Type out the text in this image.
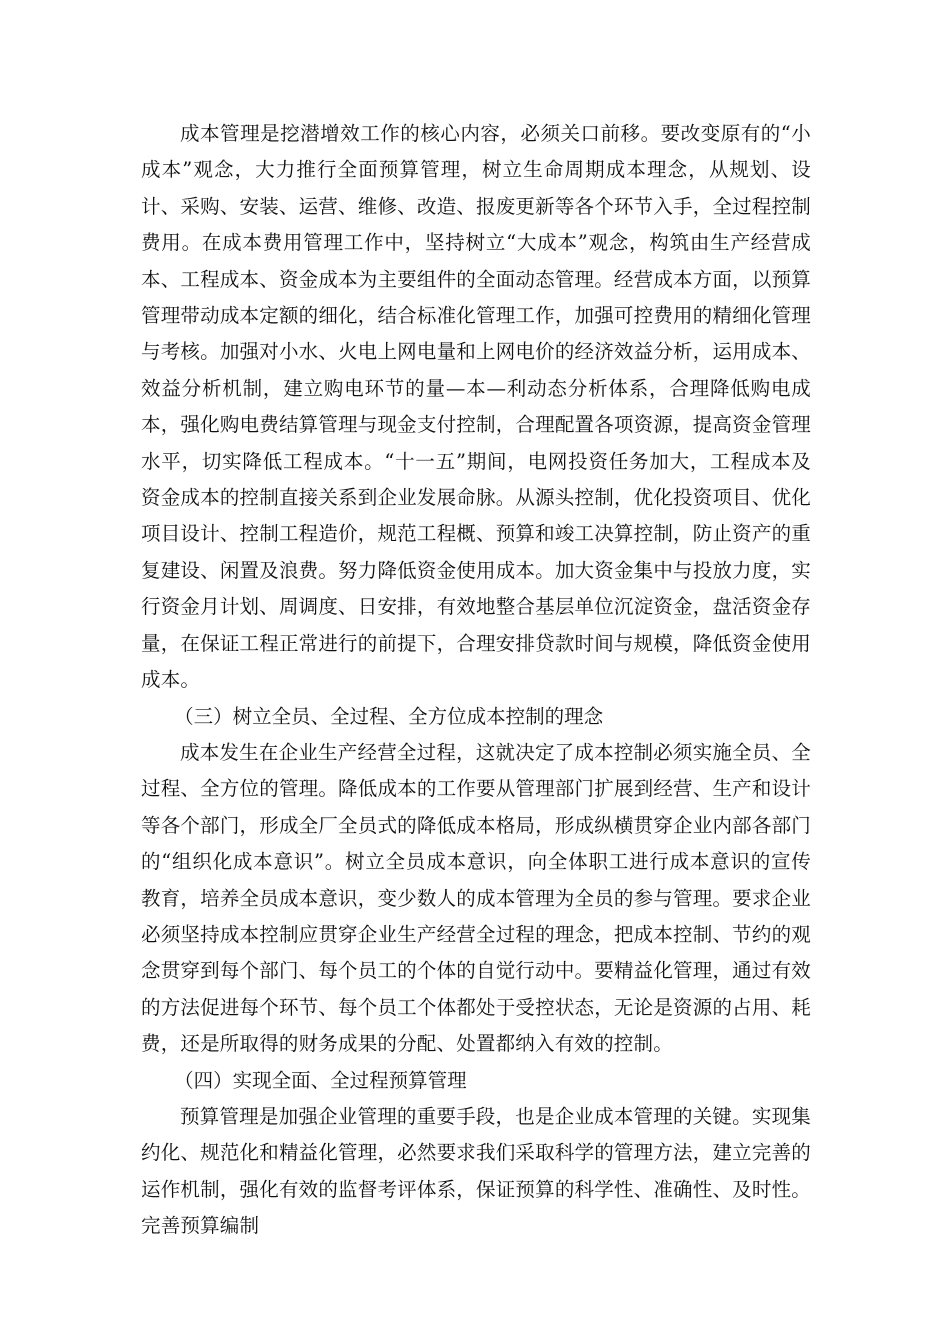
成本管理是挖潜增效工作的核心内容，必须关口前移。要改变原有的“小成本”观念，大力推行全面预算管理，树立生命周期成本理念，从规划、设计、采购、安装、运营、维修、改造、报废更新等各个环节入手，全过程控制费用。在成本费用管理工作中，坚持树立“大成本”观念，构筑由生产经营成本、工程成本、资金成本为主要组件的全面动态管理。经营成本方面，以预算管理带动成本定额的细化，结合标准化管理工作，加强可控费用的精细化管理与考核。加强对小水、火电上网电量和上网电价的经济效益分析，运用成本、效益分析机制，建立购电环节的量—本—利动态分析体系，合理降低购电成本，强化购电费结算管理与现金支付控制，合理配置各项资源，提高资金管理水平，切实降低工程成本。“十一五”期间，电网投资任务加大，工程成本及资金成本的控制直接关系到企业发展命脉。从源头控制，优化投资项目、优化项目设计、控制工程造价，规范工程概、预算和竣工决算控制，防止资产的重复建设、闲置及浪费。努力降低资金使用成本。加大资金集中与投放力度，实行资金月计划、周调度、日安排，有效地整合基层单位沉淀资金，盘活资金存量，在保证工程正常进行的前提下，合理安排贷款时间与规模，降低资金使用成本。

（三）树立全员、全过程、全方位成本控制的理念

成本发生在企业生产经营全过程，这就决定了成本控制必须实施全员、全过程、全方位的管理。降低成本的工作要从管理部门扩展到经营、生产和设计等各个部门，形成全厂全员式的降低成本格局，形成纵横贯穿企业内部各部门的“组织化成本意识”。树立全员成本意识，向全体职工进行成本意识的宣传教育，培养全员成本意识，变少数人的成本管理为全员的参与管理。要求企业必须坚持成本控制应贯穿企业生产经营全过程的理念，把成本控制、节约的观念贯穿到每个部门、每个员工的个体的自觉行动中。要精益化管理，通过有效的方法促进每个环节、每个员工个体都处于受控状态，无论是资源的占用、耗费，还是所取得的财务成果的分配、处置都纳入有效的控制。

（四）实现全面、全过程预算管理

预算管理是加强企业管理的重要手段，也是企业成本管理的关键。实现集约化、规范化和精益化管理，必然要求我们采取科学的管理方法，建立完善的运作机制，强化有效的监督考评体系，保证预算的科学性、准确性、及时性。完善预算编制
